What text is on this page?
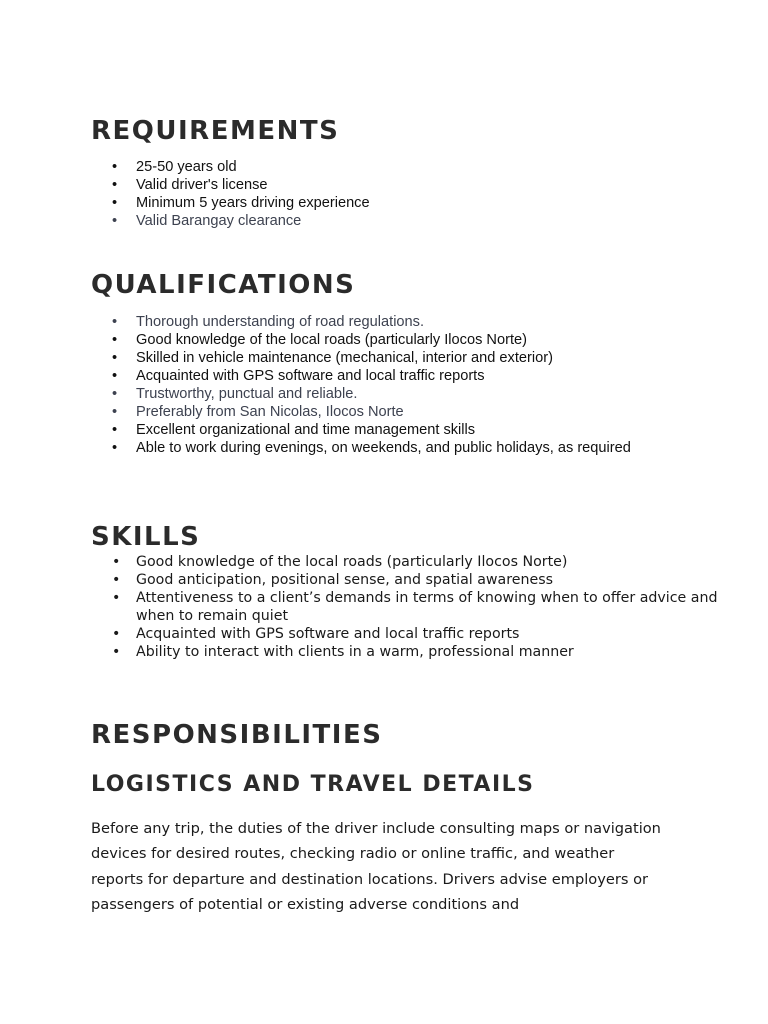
REQUIREMENTS
• 25-50 years old
• Valid driver's license
• Minimum 5 years driving experience
• Valid Barangay clearance
QUALIFICATIONS
• Thorough understanding of road regulations.
• Good knowledge of the local roads (particularly Ilocos Norte)
• Skilled in vehicle maintenance (mechanical, interior and exterior)
• Acquainted with GPS software and local traffic reports
• Trustworthy, punctual and reliable.
• Preferably from San Nicolas, Ilocos Norte
• Excellent organizational and time management skills
• Able to work during evenings, on weekends, and public holidays, as required
SKILLS
• Good knowledge of the local roads (particularly Ilocos Norte)
• Good anticipation, positional sense, and spatial awareness
• Attentiveness to a client’s demands in terms of knowing when to offer advice and when to remain quiet
• Acquainted with GPS software and local traffic reports
• Ability to interact with clients in a warm, professional manner
RESPONSIBILITIES
LOGISTICS AND TRAVEL DETAILS

Before any trip, the duties of the driver include consulting maps or navigation devices for desired routes, checking radio or online traffic, and weather reports for departure and destination locations. Drivers advise employers or passengers of potential or existing adverse conditions and
